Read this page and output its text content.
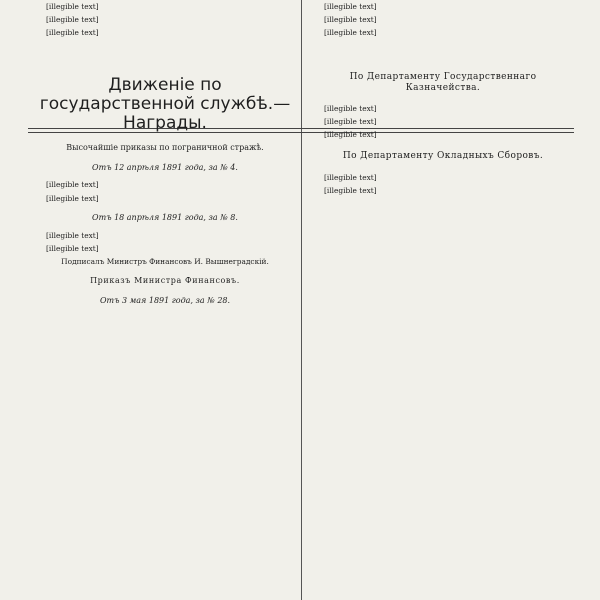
[illegible text]

[illegible text]

[illegible text]

Движеніе по государственной службѣ.—Награды.
Высочайшіе приказы по пограничной стражѣ.
Отъ 12 апрѣля 1891 года, за № 4.

[illegible text]

[illegible text]

Отъ 18 апрѣля 1891 года, за № 8.

[illegible text]

[illegible text]

Подписалъ Министръ Финансовъ И. Вышнеградскій.

Приказъ Министра Финансовъ.
Отъ 3 мая 1891 года, за № 28.

[illegible text]

[illegible text]

[illegible text]

По Департаменту Государственнаго Казначейства.

[illegible text]

[illegible text]

[illegible text]

По Департаменту Окладныхъ Сборовъ.

[illegible text]

[illegible text]
